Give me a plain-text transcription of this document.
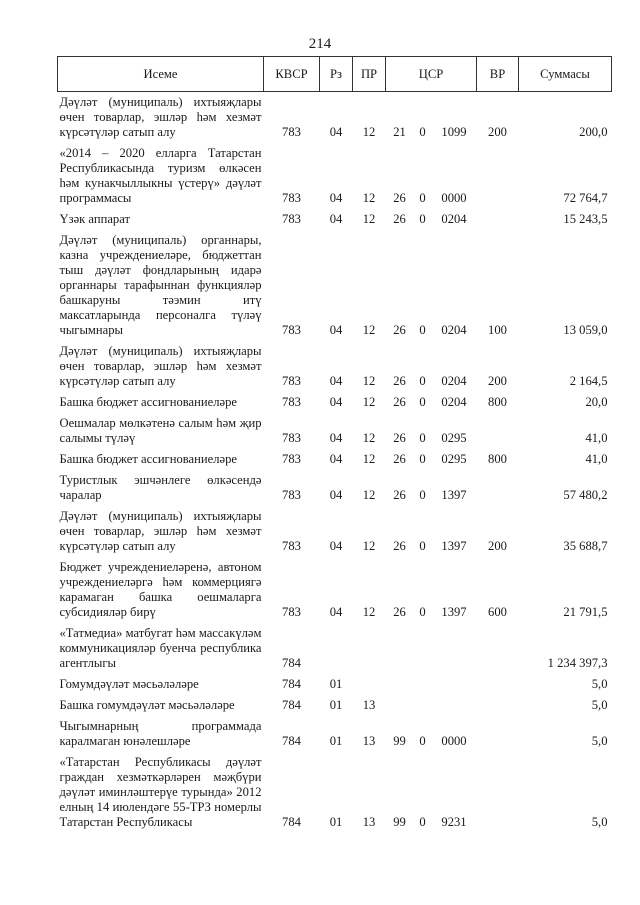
214
Исеме	КВСР	Рз	ПР	ЦСР			ВР	Суммасы
Дәүләт (муниципаль) ихтыяҗлары өчен товарлар, эшләр һәм хезмәт күрсәтүләр сатып алу	783	04	12	21	0	1099	200	200,0
«2014 – 2020 елларга Татарстан Республикасында туризм өлкәсен һәм кунакчыллыкны үстерү» дәүләт программасы	783	04	12	26	0	0000		72 764,7
Үзәк аппарат	783	04	12	26	0	0204		15 243,5
Дәүләт (муниципаль) органнары, казна учреждениеләре, бюджеттан тыш дәүләт фондларының идарә органнары тарафыннан функцияләр башкаруны тәэмин итү максатларында персоналга түләү чыгымнары	783	04	12	26	0	0204	100	13 059,0
Дәүләт (муниципаль) ихтыяҗлары өчен товарлар, эшләр һәм хезмәт күрсәтүләр сатып алу	783	04	12	26	0	0204	200	2 164,5
Башка бюджет ассигнованиеләре	783	04	12	26	0	0204	800	20,0
Оешмалар мөлкәтенә салым һәм җир салымы түләү	783	04	12	26	0	0295		41,0
Башка бюджет ассигнованиеләре	783	04	12	26	0	0295	800	41,0
Туристлык эшчәнлеге өлкәсендә чаралар	783	04	12	26	0	1397		57 480,2
Дәүләт (муниципаль) ихтыяҗлары өчен товарлар, эшләр һәм хезмәт күрсәтүләр сатып алу	783	04	12	26	0	1397	200	35 688,7
Бюджет учреждениеләренә, автоном учреждениеләргә һәм коммерциягә карамаган башка оешмаларга субсидияләр бирү	783	04	12	26	0	1397	600	21 791,5
«Татмедиа» матбугат һәм массакүләм коммуникацияләр буенча республика агентлыгы	784							1 234 397,3
Гомумдәүләт мәсьәләләре	784	01						5,0
Башка гомумдәүләт мәсьәләләре	784	01	13					5,0
Чыгымнарның программада каралмаган юнәлешләре	784	01	13	99	0	0000		5,0
«Татарстан Республикасы дәүләт граждан хезмәткәрләрен мәҗбүри дәүләт иминләштерүе турында» 2012 елның 14 июлендәге 55-ТРЗ номерлы Татарстан Республикасы	784	01	13	99	0	9231		5,0
